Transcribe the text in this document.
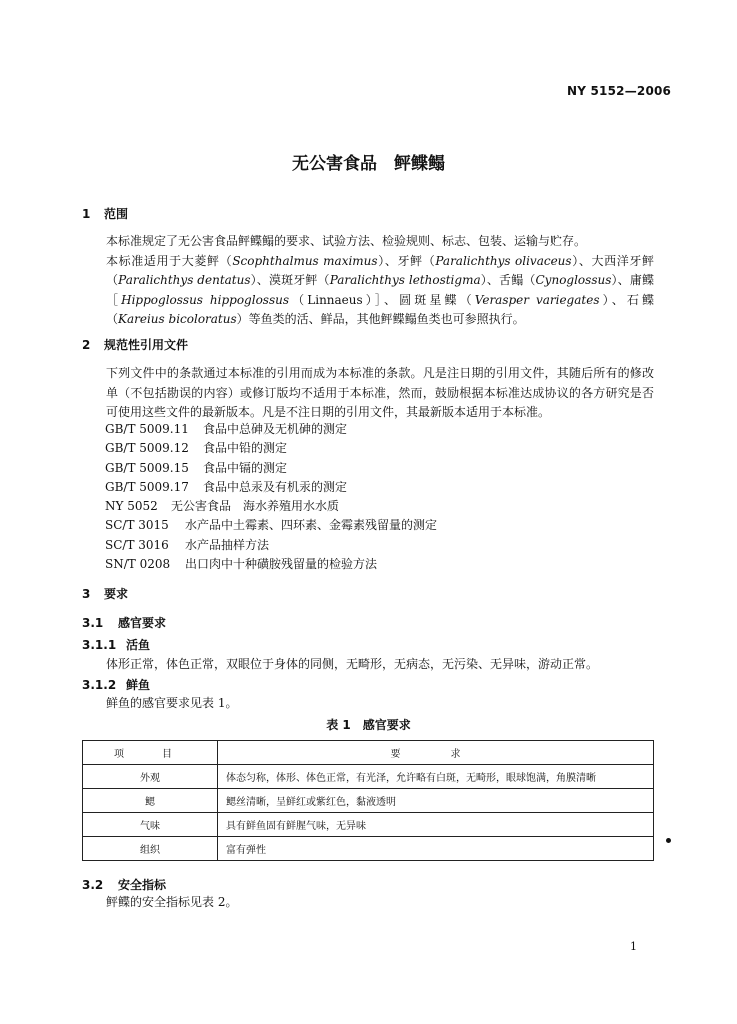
NY 5152—2006
无公害食品　鲆鲽鳎
1 范围
本标准规定了无公害食品鲆鲽鳎的要求、试验方法、检验规则、标志、包装、运输与贮存。
本标准适用于大菱鲆（Scophthalmus maximus）、牙鲆（Paralichthys olivaceus）、大西洋牙鲆（Paralichthys dentatus）、漠斑牙鲆（Paralichthys lethostigma）、舌鳎（Cynoglossus）、庸鲽［Hippoglossus hippoglossus（Linnaeus）］、圆斑星鲽（Verasper variegates）、石鲽（Kareius bicoloratus）等鱼类的活、鲜品，其他鲆鲽鳎鱼类也可参照执行。
2 规范性引用文件
下列文件中的条款通过本标准的引用而成为本标准的条款。凡是注日期的引用文件，其随后所有的修改单（不包括勘误的内容）或修订版均不适用于本标准，然而，鼓励根据本标准达成协议的各方研究是否可使用这些文件的最新版本。凡是不注日期的引用文件，其最新版本适用于本标准。
GB/T 5009.11 食品中总砷及无机砷的测定
GB/T 5009.12 食品中铅的测定
GB/T 5009.15 食品中镉的测定
GB/T 5009.17 食品中总汞及有机汞的测定
NY 5052 无公害食品　海水养殖用水水质
SC/T 3015 水产品中土霉素、四环素、金霉素残留量的测定
SC/T 3016 水产品抽样方法
SN/T 0208 出口肉中十种磺胺残留量的检验方法
3 要求
3.1 感官要求
3.1.1 活鱼
体形正常，体色正常，双眼位于身体的同侧，无畸形，无病态，无污染、无异味，游动正常。
3.1.2 鲜鱼
鲜鱼的感官要求见表 1。
表 1　感官要求
项　目	要　求
外观	体态匀称，体形、体色正常，有光泽，允许略有白斑，无畸形，眼球饱满，角膜清晰
鳃	鳃丝清晰，呈鲜红或紫红色，黏液透明
气味	具有鲜鱼固有鲜腥气味，无异味
组织	富有弹性
3.2 安全指标
鲆鲽的安全指标见表 2。
1
